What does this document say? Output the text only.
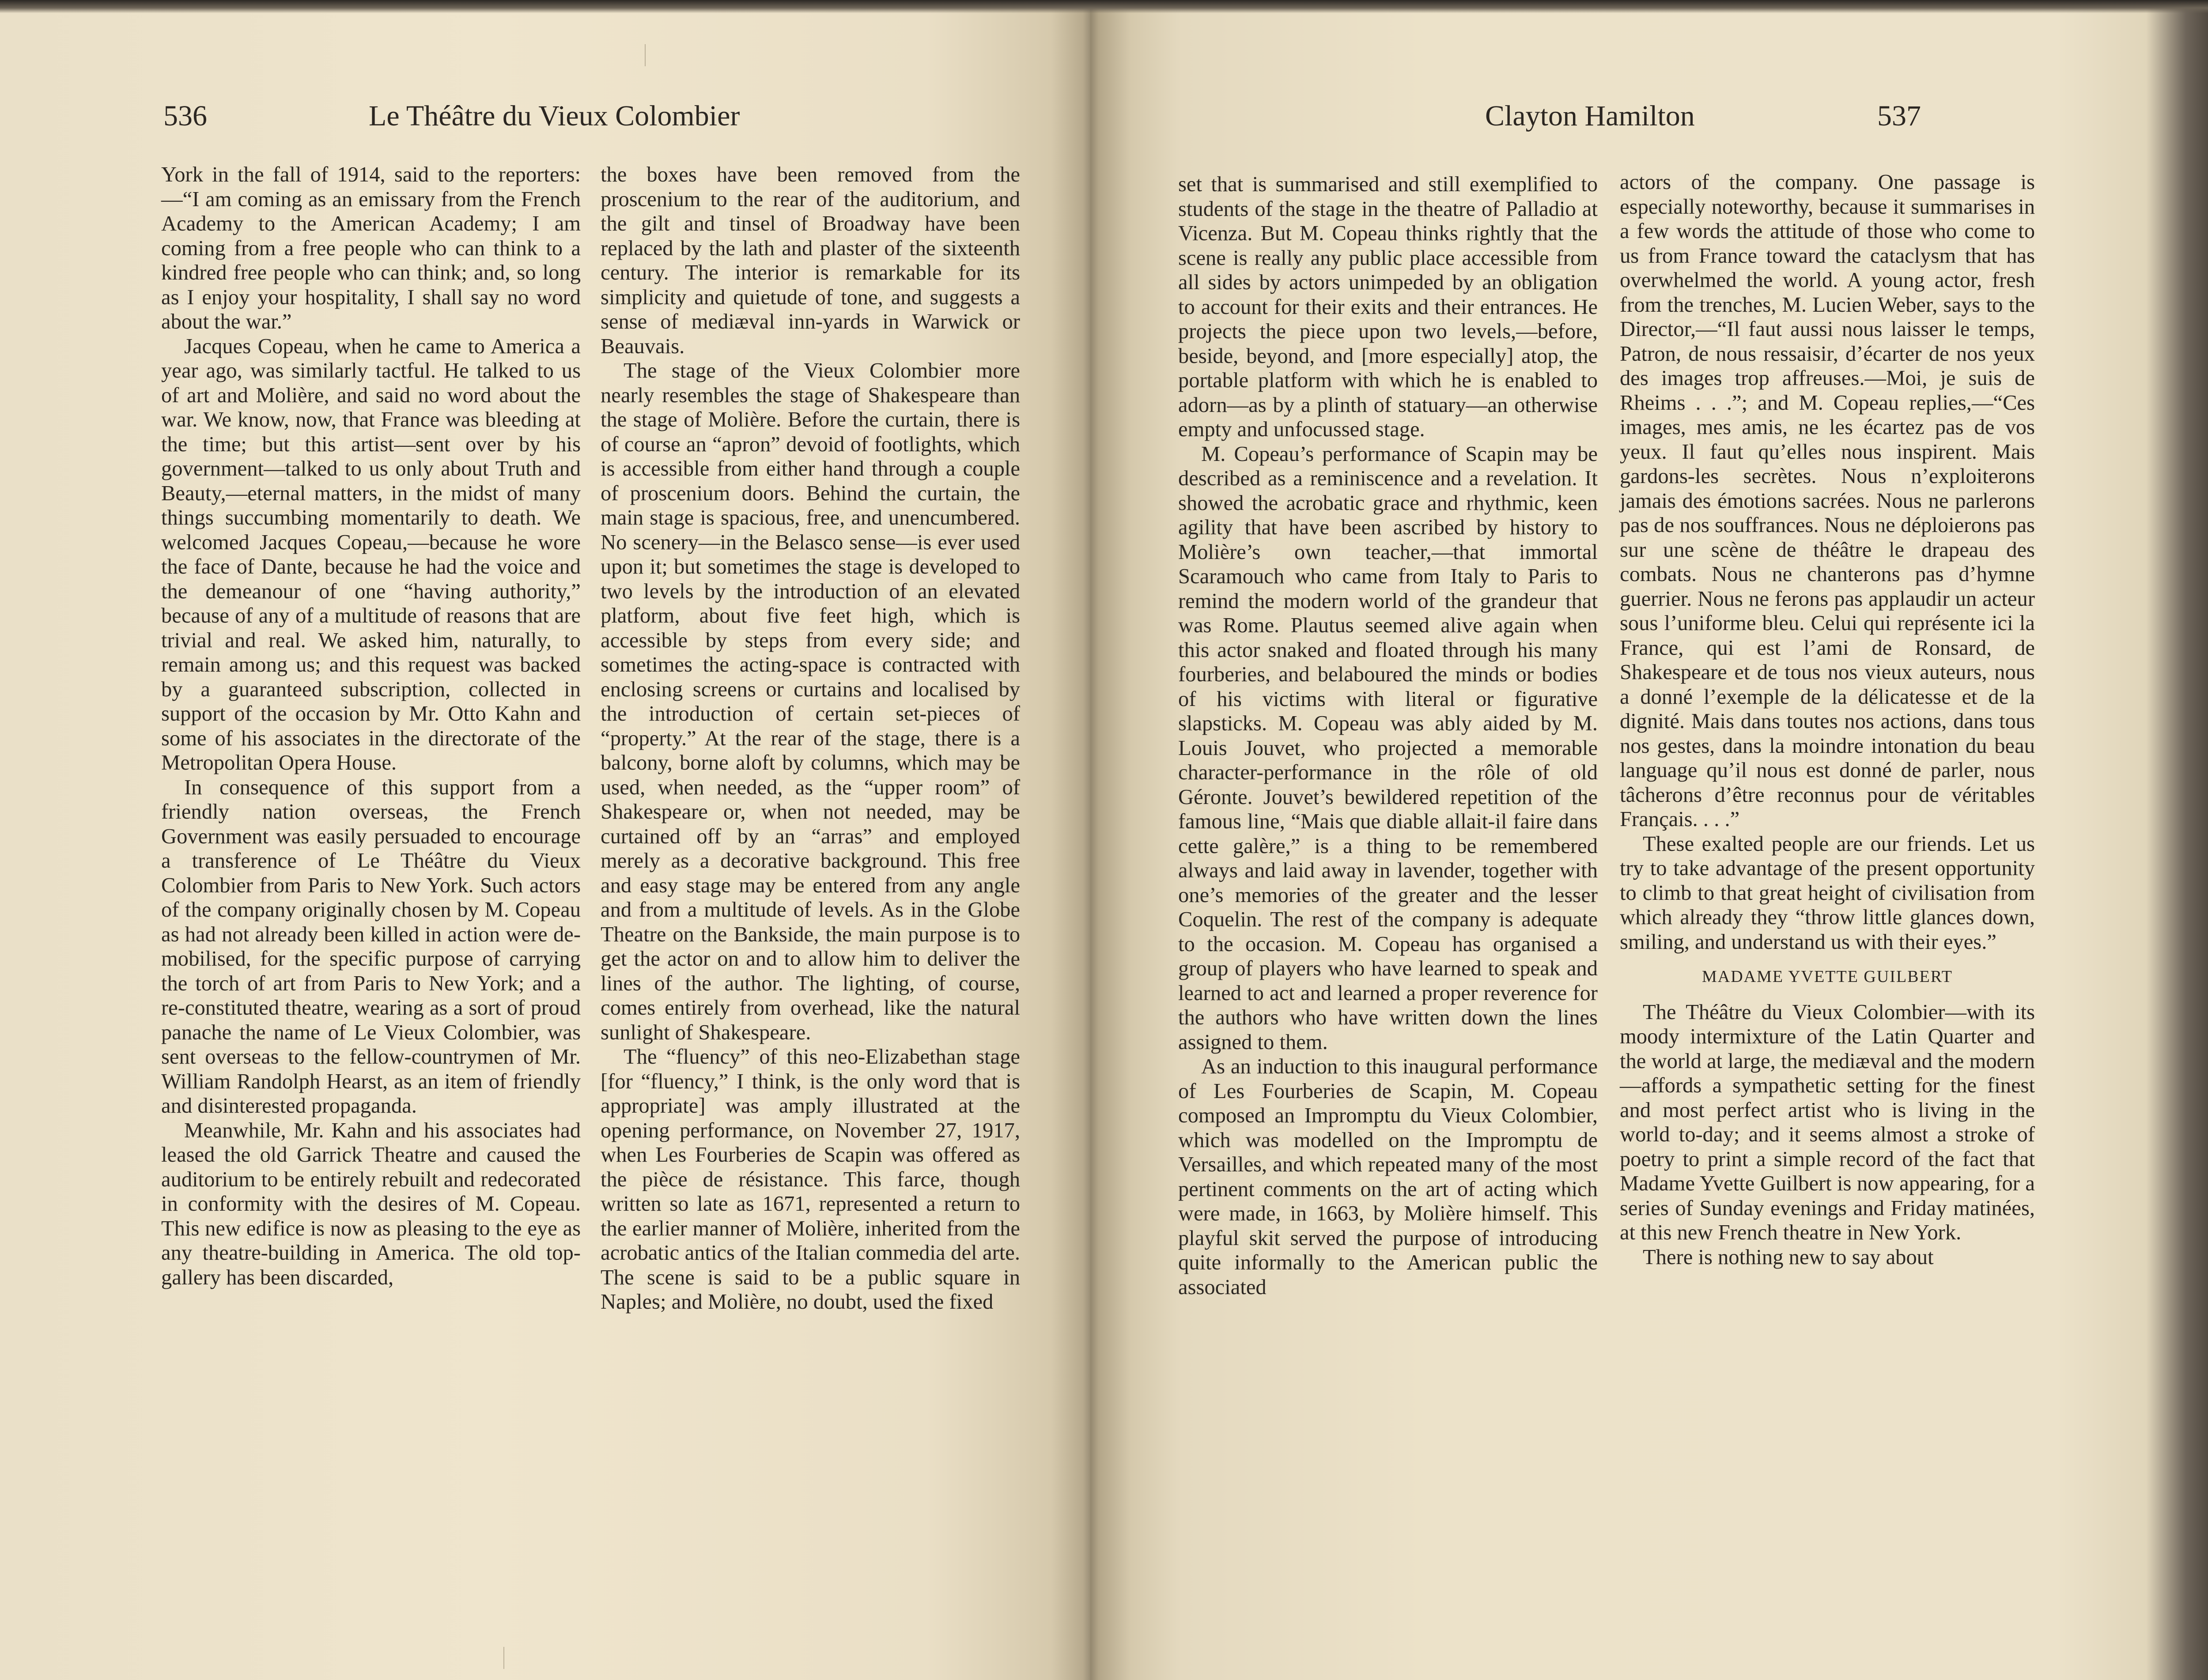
536	Le Théâtre du Vieux Colombier

York in the fall of 1914, said to the reporters:—“I am coming as an emissary from the French Academy to the American Academy; I am coming from a free people who can think to a kindred free people who can think; and, so long as I enjoy your hospitality, I shall say no word about the war.”

Jacques Copeau, when he came to America a year ago, was similarly tactful. He talked to us of art and Molière, and said no word about the war. We know, now, that France was bleeding at the time; but this artist—sent over by his government—talked to us only about Truth and Beauty,—eternal matters, in the midst of many things succumbing momentarily to death. We welcomed Jacques Copeau,—because he wore the face of Dante, because he had the voice and the demeanour of one “having authority,” because of any of a multitude of reasons that are trivial and real. We asked him, naturally, to remain among us; and this request was backed by a guaranteed subscription, collected in support of the occasion by Mr. Otto Kahn and some of his associates in the directorate of the Metropolitan Opera House.

In consequence of this support from a friendly nation overseas, the French Government was easily persuaded to encourage a transference of Le Théâtre du Vieux Colombier from Paris to New York. Such actors of the company originally chosen by M. Copeau as had not already been killed in action were de-mobilised, for the specific purpose of carrying the torch of art from Paris to New York; and a re-constituted theatre, wearing as a sort of proud panache the name of Le Vieux Colombier, was sent overseas to the fellow-countrymen of Mr. William Randolph Hearst, as an item of friendly and disinterested propaganda.

Meanwhile, Mr. Kahn and his associates had leased the old Garrick Theatre and caused the auditorium to be entirely rebuilt and redecorated in conformity with the desires of M. Copeau. This new edifice is now as pleasing to the eye as any theatre-building in America. The old top-gallery has been discarded,

the boxes have been removed from the proscenium to the rear of the auditorium, and the gilt and tinsel of Broadway have been replaced by the lath and plaster of the sixteenth century. The interior is remarkable for its simplicity and quietude of tone, and suggests a sense of mediæval inn-yards in Warwick or Beauvais.

The stage of the Vieux Colombier more nearly resembles the stage of Shakespeare than the stage of Molière. Before the curtain, there is of course an “apron” devoid of footlights, which is accessible from either hand through a couple of proscenium doors. Behind the curtain, the main stage is spacious, free, and unencumbered. No scenery—in the Belasco sense—is ever used upon it; but sometimes the stage is developed to two levels by the introduction of an elevated platform, about five feet high, which is accessible by steps from every side; and sometimes the acting-space is contracted with enclosing screens or curtains and localised by the introduction of certain set-pieces of “property.” At the rear of the stage, there is a balcony, borne aloft by columns, which may be used, when needed, as the “upper room” of Shakespeare or, when not needed, may be curtained off by an “arras” and employed merely as a decorative background. This free and easy stage may be entered from any angle and from a multitude of levels. As in the Globe Theatre on the Bankside, the main purpose is to get the actor on and to allow him to deliver the lines of the author. The lighting, of course, comes entirely from overhead, like the natural sunlight of Shakespeare.

The “fluency” of this neo-Elizabethan stage [for “fluency,” I think, is the only word that is appropriate] was amply illustrated at the opening performance, on November 27, 1917, when Les Fourberies de Scapin was offered as the pièce de résistance. This farce, though written so late as 1671, represented a return to the earlier manner of Molière, inherited from the acrobatic antics of the Italian commedia del arte. The scene is said to be a public square in Naples; and Molière, no doubt, used the fixed

Clayton Hamilton	537

set that is summarised and still exemplified to students of the stage in the theatre of Palladio at Vicenza. But M. Copeau thinks rightly that the scene is really any public place accessible from all sides by actors unimpeded by an obligation to account for their exits and their entrances. He projects the piece upon two levels,—before, beside, beyond, and [more especially] atop, the portable platform with which he is enabled to adorn—as by a plinth of statuary—an otherwise empty and unfocussed stage.

M. Copeau’s performance of Scapin may be described as a reminiscence and a revelation. It showed the acrobatic grace and rhythmic, keen agility that have been ascribed by history to Molière’s own teacher,—that immortal Scaramouch who came from Italy to Paris to remind the modern world of the grandeur that was Rome. Plautus seemed alive again when this actor snaked and floated through his many fourberies, and belaboured the minds or bodies of his victims with literal or figurative slapsticks. M. Copeau was ably aided by M. Louis Jouvet, who projected a memorable character-performance in the rôle of old Géronte. Jouvet’s bewildered repetition of the famous line, “Mais que diable allait-il faire dans cette galère,” is a thing to be remembered always and laid away in lavender, together with one’s memories of the greater and the lesser Coquelin. The rest of the company is adequate to the occasion. M. Copeau has organised a group of players who have learned to speak and learned to act and learned a proper reverence for the authors who have written down the lines assigned to them.

As an induction to this inaugural performance of Les Fourberies de Scapin, M. Copeau composed an Impromptu du Vieux Colombier, which was modelled on the Impromptu de Versailles, and which repeated many of the most pertinent comments on the art of acting which were made, in 1663, by Molière himself. This playful skit served the purpose of introducing quite informally to the American public the associated

actors of the company. One passage is especially noteworthy, because it summarises in a few words the attitude of those who come to us from France toward the cataclysm that has overwhelmed the world. A young actor, fresh from the trenches, M. Lucien Weber, says to the Director,—“Il faut aussi nous laisser le temps, Patron, de nous ressaisir, d’écarter de nos yeux des images trop affreuses.—Moi, je suis de Rheims . . .”; and M. Copeau replies,—“Ces images, mes amis, ne les écartez pas de vos yeux. Il faut qu’elles nous inspirent. Mais gardons-les secrètes. Nous n’exploiterons jamais des émotions sacrées. Nous ne parlerons pas de nos souffrances. Nous ne déploierons pas sur une scène de théâtre le drapeau des combats. Nous ne chanterons pas d’hymne guerrier. Nous ne ferons pas applaudir un acteur sous l’uniforme bleu. Celui qui représente ici la France, qui est l’ami de Ronsard, de Shakespeare et de tous nos vieux auteurs, nous a donné l’exemple de la délicatesse et de la dignité. Mais dans toutes nos actions, dans tous nos gestes, dans la moindre intonation du beau language qu’il nous est donné de parler, nous tâcherons d’être reconnus pour de véritables Français. . . .”

These exalted people are our friends. Let us try to take advantage of the present opportunity to climb to that great height of civilisation from which already they “throw little glances down, smiling, and understand us with their eyes.”

MADAME YVETTE GUILBERT

The Théâtre du Vieux Colombier—with its moody intermixture of the Latin Quarter and the world at large, the mediæval and the modern—affords a sympathetic setting for the finest and most perfect artist who is living in the world to-day; and it seems almost a stroke of poetry to print a simple record of the fact that Madame Yvette Guilbert is now appearing, for a series of Sunday evenings and Friday matinées, at this new French theatre in New York.

There is nothing new to say about
